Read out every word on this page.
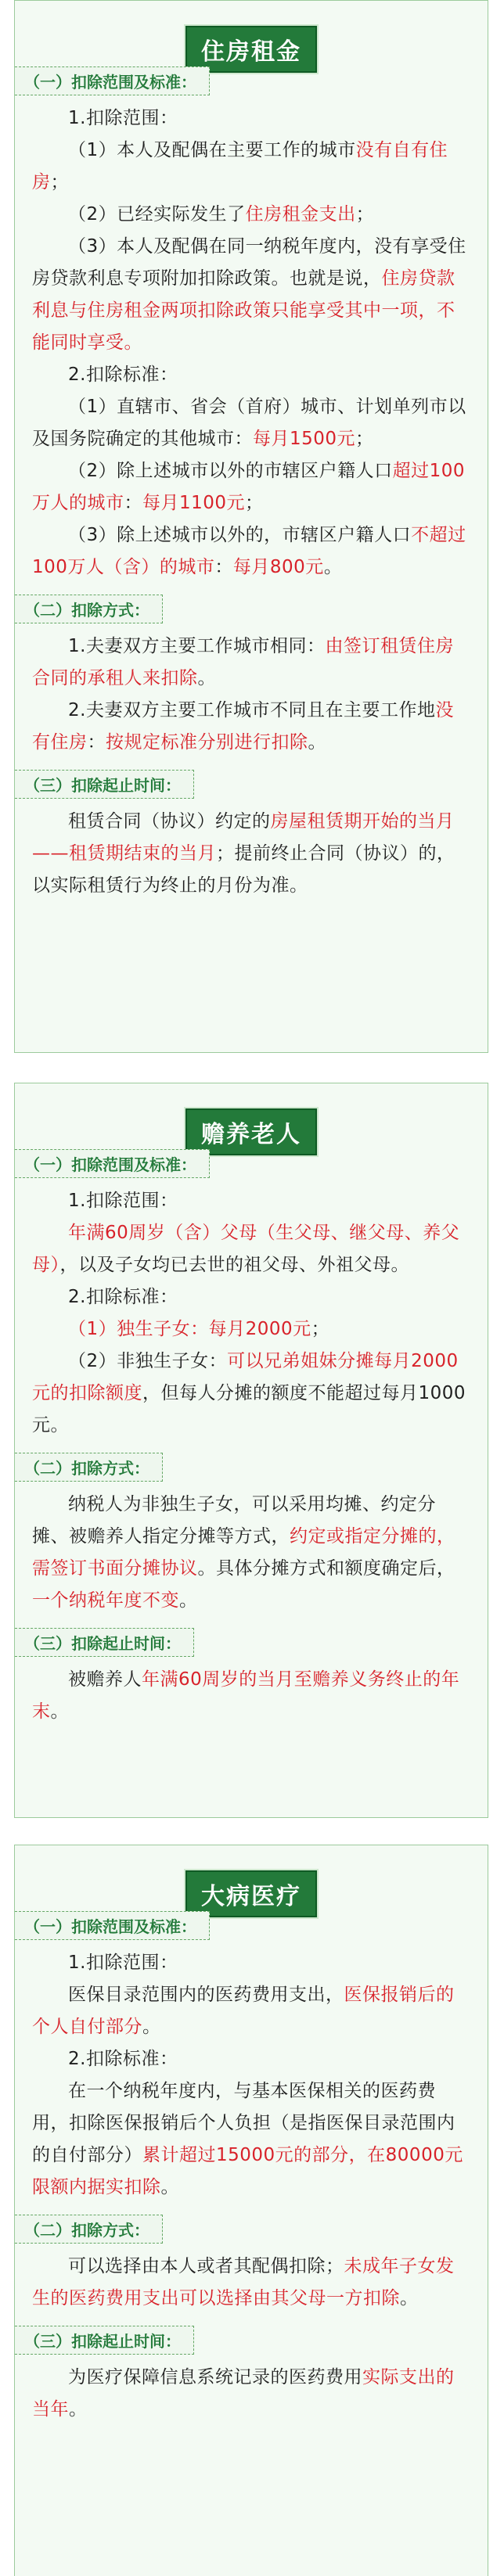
住房租金
（一）扣除范围及标准：

1.扣除范围：

（1）本人及配偶在主要工作的城市没有自有住房；

（2）已经实际发生了住房租金支出；

（3）本人及配偶在同一纳税年度内，没有享受住房贷款利息专项附加扣除政策。也就是说，住房贷款利息与住房租金两项扣除政策只能享受其中一项，不能同时享受。

2.扣除标准：

（1）直辖市、省会（首府）城市、计划单列市以及国务院确定的其他城市：每月1500元；

（2）除上述城市以外的市辖区户籍人口超过100万人的城市：每月1100元；

（3）除上述城市以外的，市辖区户籍人口不超过100万人（含）的城市：每月800元。

（二）扣除方式：

1.夫妻双方主要工作城市相同：由签订租赁住房合同的承租人来扣除。

2.夫妻双方主要工作城市不同且在主要工作地没有住房：按规定标准分别进行扣除。

（三）扣除起止时间：

租赁合同（协议）约定的房屋租赁期开始的当月——租赁期结束的当月；提前终止合同（协议）的，以实际租赁行为终止的月份为准。

赡养老人
（一）扣除范围及标准：

1.扣除范围：

年满60周岁（含）父母（生父母、继父母、养父母），以及子女均已去世的祖父母、外祖父母。

2.扣除标准：

（1）独生子女：每月2000元；

（2）非独生子女：可以兄弟姐妹分摊每月2000元的扣除额度，但每人分摊的额度不能超过每月1000元。

（二）扣除方式：

纳税人为非独生子女，可以采用均摊、约定分摊、被赡养人指定分摊等方式，约定或指定分摊的，需签订书面分摊协议。具体分摊方式和额度确定后，一个纳税年度不变。

（三）扣除起止时间：

被赡养人年满60周岁的当月至赡养义务终止的年末。

大病医疗
（一）扣除范围及标准：

1.扣除范围：

医保目录范围内的医药费用支出，医保报销后的个人自付部分。

2.扣除标准：

在一个纳税年度内，与基本医保相关的医药费用，扣除医保报销后个人负担（是指医保目录范围内的自付部分）累计超过15000元的部分，在80000元限额内据实扣除。

（二）扣除方式：

可以选择由本人或者其配偶扣除；未成年子女发生的医药费用支出可以选择由其父母一方扣除。

（三）扣除起止时间：

为医疗保障信息系统记录的医药费用实际支出的当年。
